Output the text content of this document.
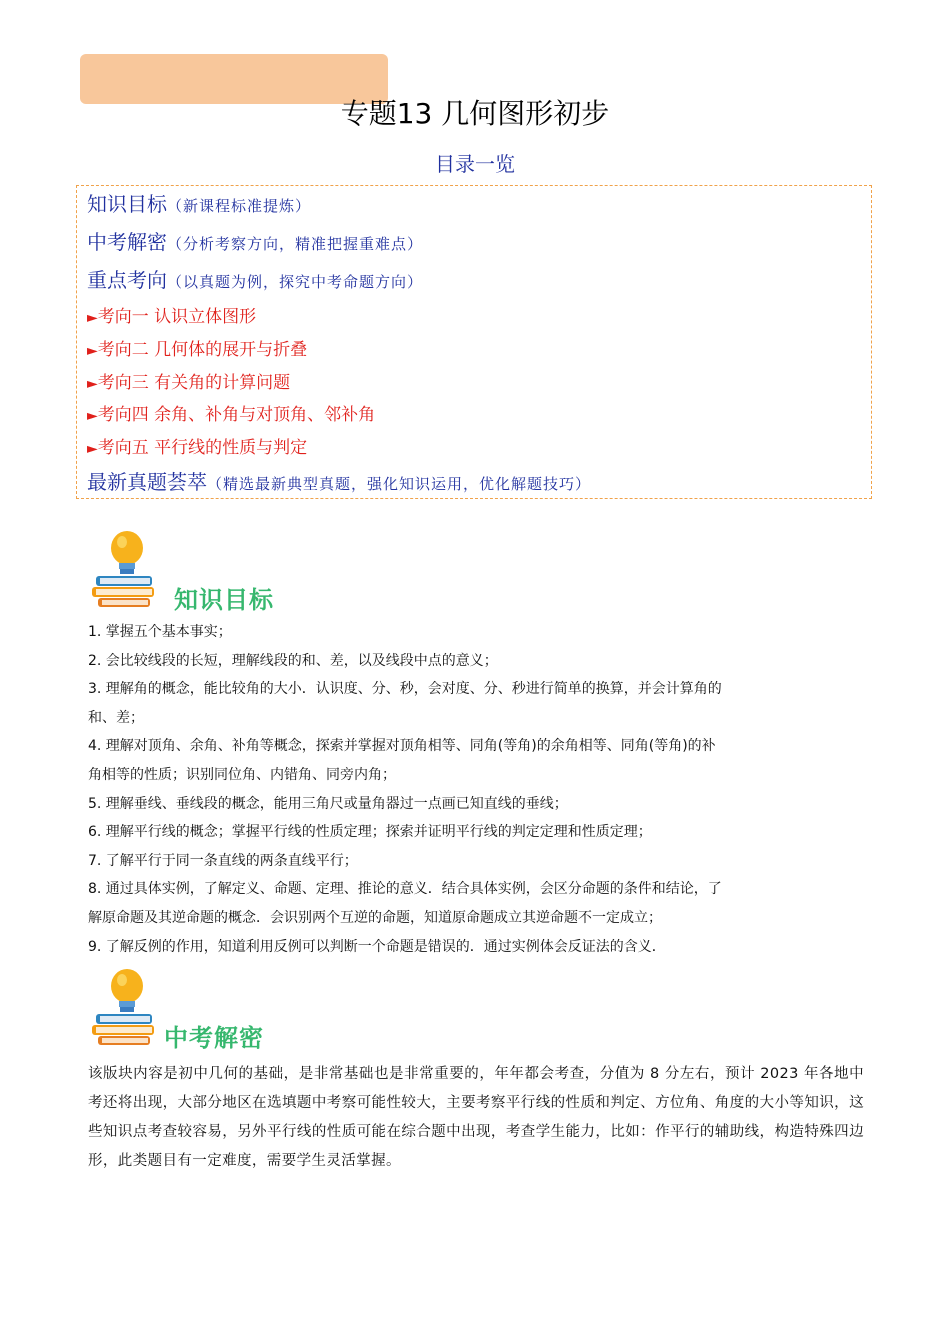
专题13 几何图形初步
目录一览
知识目标（新课程标准提炼）
中考解密（分析考察方向，精准把握重难点）
重点考向（以真题为例，探究中考命题方向）
►考向一 认识立体图形
►考向二 几何体的展开与折叠
►考向三 有关角的计算问题
►考向四 余角、补角与对顶角、邻补角
►考向五 平行线的性质与判定
最新真题荟萃（精选最新典型真题，强化知识运用，优化解题技巧）
知识目标

1. 掌握五个基本事实；

2. 会比较线段的长短，理解线段的和、差，以及线段中点的意义；

3. 理解角的概念，能比较角的大小．认识度、分、秒，会对度、分、秒进行简单的换算，并会计算角的

和、差；

4. 理解对顶角、余角、补角等概念，探索并掌握对顶角相等、同角(等角)的余角相等、同角(等角)的补

角相等的性质；识别同位角、内错角、同旁内角；

5. 理解垂线、垂线段的概念，能用三角尺或量角器过一点画已知直线的垂线；

6. 理解平行线的概念；掌握平行线的性质定理；探索并证明平行线的判定定理和性质定理；

7. 了解平行于同一条直线的两条直线平行；

8. 通过具体实例，了解定义、命题、定理、推论的意义．结合具体实例，会区分命题的条件和结论，了

解原命题及其逆命题的概念．会识别两个互逆的命题，知道原命题成立其逆命题不一定成立；

9. 了解反例的作用，知道利用反例可以判断一个命题是错误的．通过实例体会反证法的含义．

中考解密
该版块内容是初中几何的基础，是非常基础也是非常重要的，年年都会考查，分值为 8 分左右，预计 2023 年各地中考还将出现，大部分地区在选填题中考察可能性较大，主要考察平行线的性质和判定、方位角、角度的大小等知识，这些知识点考查较容易，另外平行线的性质可能在综合题中出现，考查学生能力，比如：作平行的辅助线，构造特殊四边形，此类题目有一定难度，需要学生灵活掌握。
